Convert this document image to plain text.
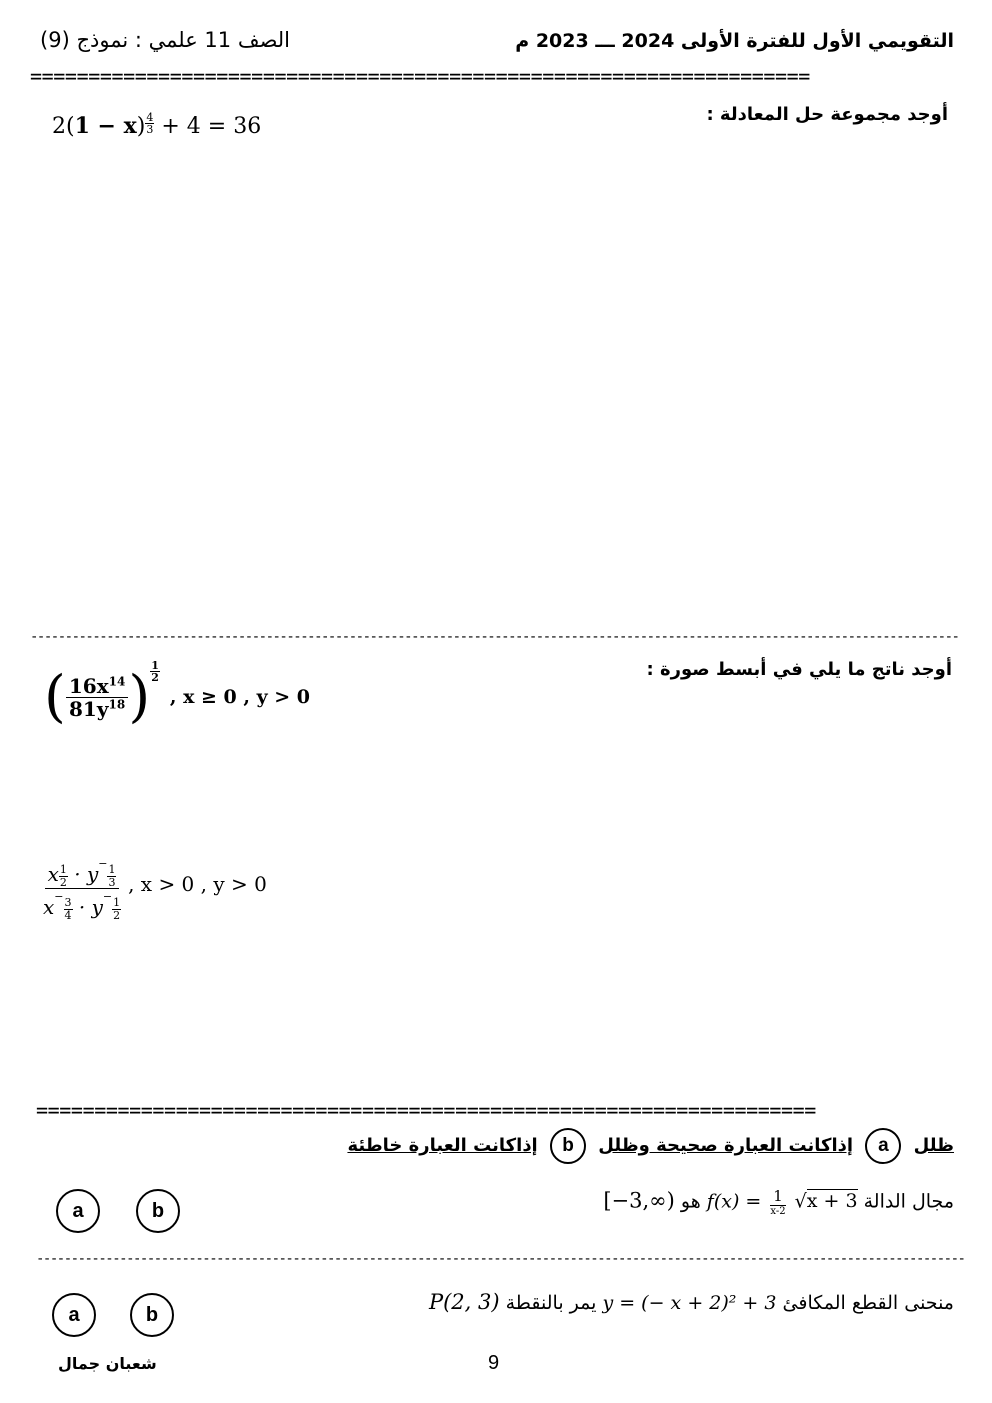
التقويمي الأول للفترة الأولى 2024 ـــ 2023 م
الصف 11 علمي : نموذج (9)
===================================================================
أوجد مجموعة حل المعادلة :
$2(1 - x) \frac{4}{3} + 4 = 36$
--------------------------------------------------------------------------------------------------------------------------------------
أوجد ناتج ما يلي في أبسط صورة :
( $\frac{16x^{14}}{81y^{18}}$ ) $\frac{1}{2}$
, x ≥ 0 , y > 0
x $\frac{1}{2} \cdot y^-$
$\frac{1}{3}$
x−
$\frac{3}{4} \cdot y^-$
$\frac{1}{2}$ , x > 0 , y > 0
===================================================================
ظلل a إذاكانت العبارة صحيحة وظلل b إذاكانت العبارة خاطئة
a	b	مجال الدالة $f(x) = \frac{1}{x-2} √x + 3$ هو [−3,∞)
--------------------------------------------------------------------------------------------------------------------------------------
a	b
منحنى القطع المكافئ y = (− x + 2)² + 3 يمر بالنقطة P(2, 3)
شعبان جمال	9
